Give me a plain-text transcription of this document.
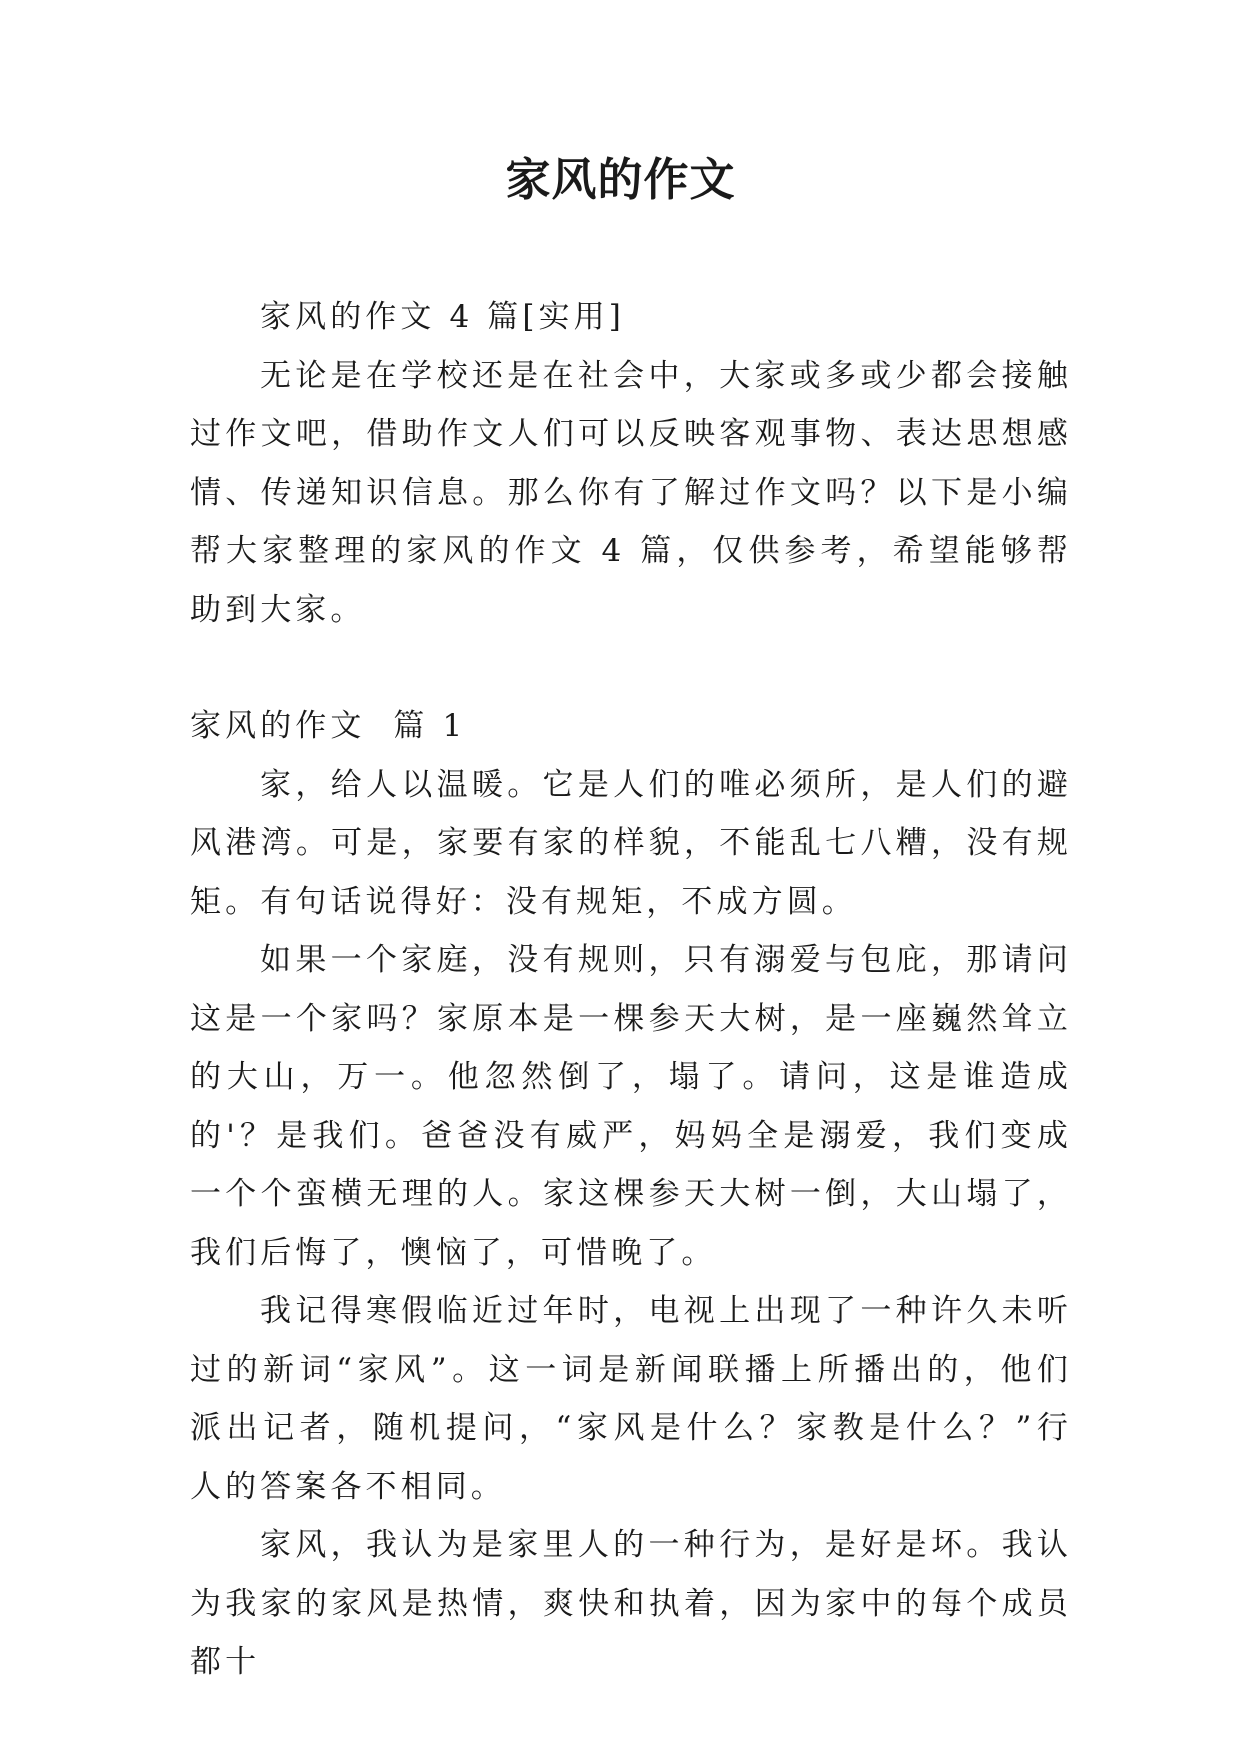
家风的作文

家风的作文 4 篇[实用]

无论是在学校还是在社会中，大家或多或少都会接触过作文吧，借助作文人们可以反映客观事物、表达思想感情、传递知识信息。那么你有了解过作文吗？以下是小编帮大家整理的家风的作文 4 篇，仅供参考，希望能够帮助到大家。

家风的作文  篇 1

家，给人以温暖。它是人们的唯必须所，是人们的避风港湾。可是，家要有家的样貌，不能乱七八糟，没有规矩。有句话说得好：没有规矩，不成方圆。

如果一个家庭，没有规则，只有溺爱与包庇，那请问这是一个家吗？家原本是一棵参天大树，是一座巍然耸立的大山，万一。他忽然倒了，塌了。请问，这是谁造成的'？是我们。爸爸没有威严，妈妈全是溺爱，我们变成一个个蛮横无理的人。家这棵参天大树一倒，大山塌了，我们后悔了，懊恼了，可惜晚了。

我记得寒假临近过年时，电视上出现了一种许久未听过的新词“家风”。这一词是新闻联播上所播出的，他们派出记者，随机提问，“家风是什么？家教是什么？”行人的答案各不相同。

家风，我认为是家里人的一种行为，是好是坏。我认为我家的家风是热情，爽快和执着，因为家中的每个成员都十
